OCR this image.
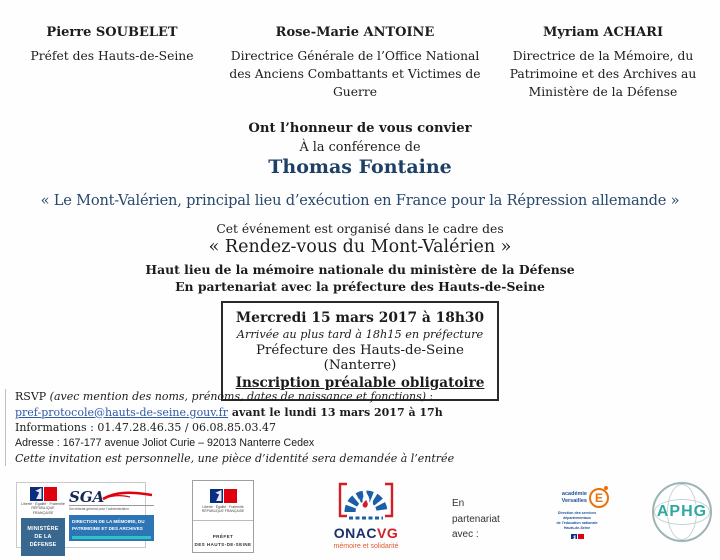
Pierre SOUBELET
Préfet des Hauts-de-Seine
Rose-Marie ANTOINE
Directrice Générale de l’Office National des Anciens Combattants et Victimes de Guerre
Myriam ACHARI
Directrice de la Mémoire, du Patrimoine et des Archives au Ministère de la Défense
Ont l’honneur de vous convier
À la conférence de
Thomas Fontaine
« Le Mont-Valérien, principal lieu d’exécution en France pour la Répression allemande »
Cet événement est organisé dans le cadre des
« Rendez-vous du Mont-Valérien »
Haut lieu de la mémoire nationale du ministère de la Défense
En partenariat avec la préfecture des Hauts-de-Seine
Mercredi 15 mars 2017 à 18h30
Arrivée au plus tard à 18h15 en préfecture
Préfecture des Hauts-de-Seine (Nanterre)
Inscription préalable obligatoire
RSVP (avec mention des noms, prénoms, dates de naissance et fonctions) :
pref-protocole@hauts-de-seine.gouv.fr avant le lundi 13 mars 2017 à 17h
Informations : 01.47.28.46.35 / 06.08.85.03.47
Adresse : 167-177 avenue Joliot Curie – 92013 Nanterre Cedex
Cette invitation est personnelle, une pièce d’identité sera demandée à l’entrée
Liberté · Égalité · Fraternité
RÉPUBLIQUE FRANÇAISE
MINISTÈRE DE LA DÉFENSE
SGA
Secrétariat général pour l’administration
DIRECTION DE LA MÉMOIRE, DU PATRIMOINE ET DES ARCHIVES
Liberté · Égalité · Fraternité
RÉPUBLIQUE FRANÇAISE
PRÉFET
DES HAUTS-DE-SEINE
ONACVG
mémoire et solidarité
En
partenariat
avec :
académie
Versailles E
Direction des services
départementaux
de l’éducation nationale
Hauts-de-Seine
APHG
